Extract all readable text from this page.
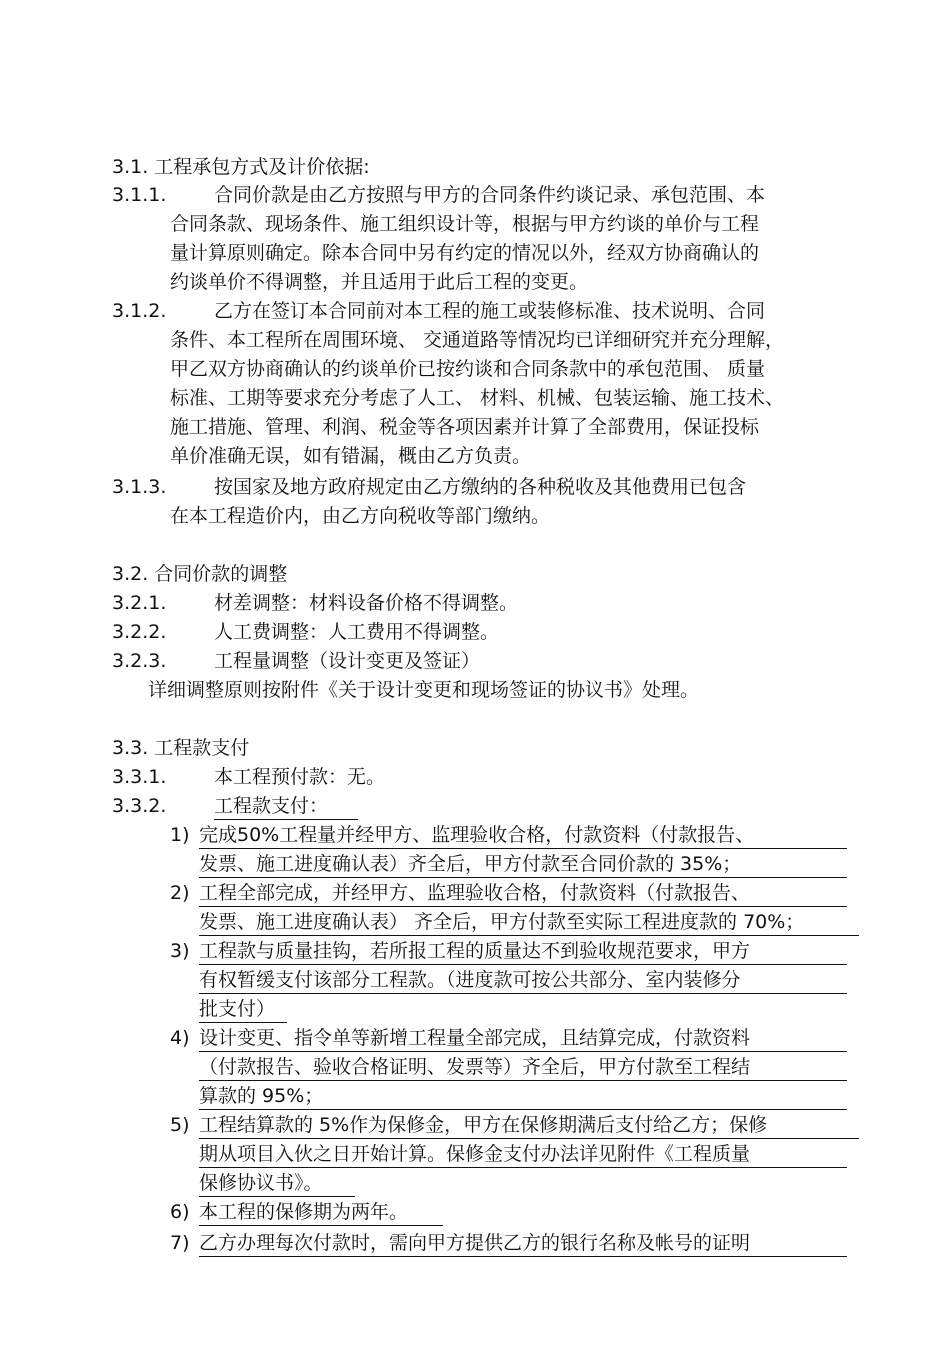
3.1. 工程承包方式及计价依据:
3.1.1.	合同价款是由乙方按照与甲方的合同条件约谈记录、承包范围、本
合同条款、现场条件、施工组织设计等，根据与甲方约谈的单价与工程
量计算原则确定。除本合同中另有约定的情况以外，经双方协商确认的
约谈单价不得调整，并且适用于此后工程的变更。
3.1.2.	乙方在签订本合同前对本工程的施工或装修标准、技术说明、合同
条件、本工程所在周围环境、 交通道路等情况均已详细研究并充分理解，
甲乙双方协商确认的约谈单价已按约谈和合同条款中的承包范围、 质量
标准、工期等要求充分考虑了人工、 材料、机械、包装运输、施工技术、
施工措施、管理、利润、税金等各项因素并计算了全部费用，保证投标
单价准确无误，如有错漏，概由乙方负责。
3.1.3.	按国家及地方政府规定由乙方缴纳的各种税收及其他费用已包含
在本工程造价内，由乙方向税收等部门缴纳。
3.2. 合同价款的调整
3.2.1.	材差调整：材料设备价格不得调整。
3.2.2.	人工费调整：人工费用不得调整。
3.2.3.	工程量调整（设计变更及签证）
详细调整原则按附件《关于设计变更和现场签证的协议书》处理。
3.3. 工程款支付
3.3.1.	本工程预付款：无。
3.3.2.	工程款支付：
1) 完成50%工程量并经甲方、监理验收合格，付款资料（付款报告、
发票、施工进度确认表）齐全后，甲方付款至合同价款的 35%；
2) 工程全部完成，并经甲方、监理验收合格，付款资料（付款报告、
发票、施工进度确认表） 齐全后，甲方付款至实际工程进度款的 70%；
3) 工程款与质量挂钩，若所报工程的质量达不到验收规范要求，甲方
有权暂缓支付该部分工程款。（进度款可按公共部分、室内装修分
批支付）
4) 设计变更、指令单等新增工程量全部完成，且结算完成，付款资料
（付款报告、验收合格证明、发票等）齐全后，甲方付款至工程结
算款的 95%；
5) 工程结算款的 5%作为保修金，甲方在保修期满后支付给乙方；保修
期从项目入伙之日开始计算。保修金支付办法详见附件《工程质量
保修协议书》。
6) 本工程的保修期为两年。
7) 乙方办理每次付款时，需向甲方提供乙方的银行名称及帐号的证明
